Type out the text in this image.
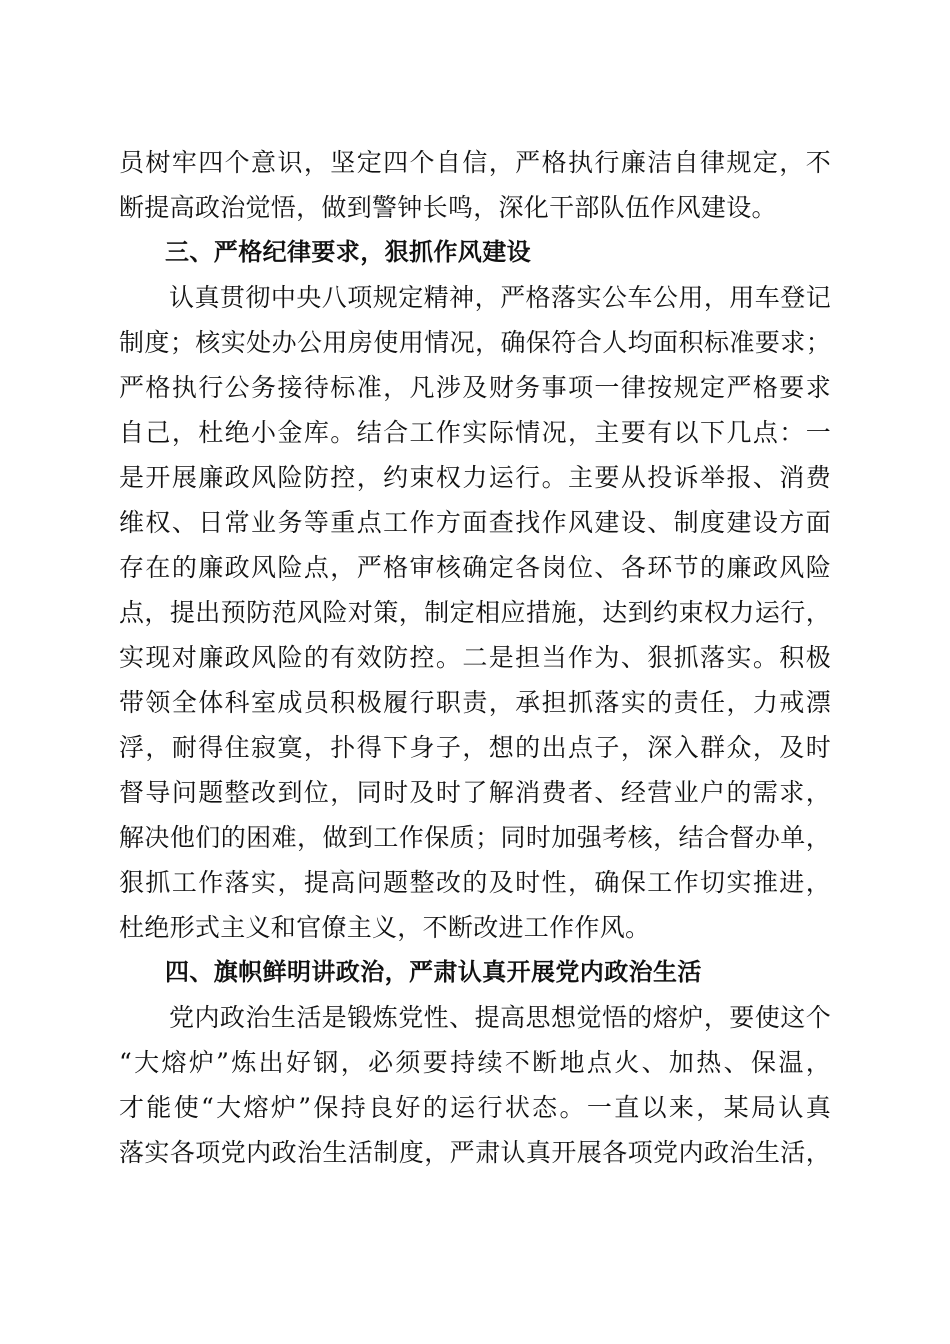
员树牢四个意识，坚定四个自信，严格执行廉洁自律规定，不
断提高政治觉悟，做到警钟长鸣，深化干部队伍作风建设。
三、严格纪律要求，狠抓作风建设
认真贯彻中央八项规定精神，严格落实公车公用，用车登记
制度；核实处办公用房使用情况，确保符合人均面积标准要求；
严格执行公务接待标准，凡涉及财务事项一律按规定严格要求
自己，杜绝小金库。结合工作实际情况，主要有以下几点：一
是开展廉政风险防控，约束权力运行。主要从投诉举报、消费
维权、日常业务等重点工作方面查找作风建设、制度建设方面
存在的廉政风险点，严格审核确定各岗位、各环节的廉政风险
点，提出预防范风险对策，制定相应措施，达到约束权力运行，
实现对廉政风险的有效防控。二是担当作为、狠抓落实。积极
带领全体科室成员积极履行职责，承担抓落实的责任，力戒漂
浮，耐得住寂寞，扑得下身子，想的出点子，深入群众，及时
督导问题整改到位，同时及时了解消费者、经营业户的需求，
解决他们的困难，做到工作保质；同时加强考核，结合督办单，
狠抓工作落实，提高问题整改的及时性，确保工作切实推进，
杜绝形式主义和官僚主义，不断改进工作作风。
四、旗帜鲜明讲政治，严肃认真开展党内政治生活
党内政治生活是锻炼党性、提高思想觉悟的熔炉，要使这个
“大熔炉”炼出好钢，必须要持续不断地点火、加热、保温，
才能使“大熔炉”保持良好的运行状态。一直以来，某局认真
落实各项党内政治生活制度，严肃认真开展各项党内政治生活，
